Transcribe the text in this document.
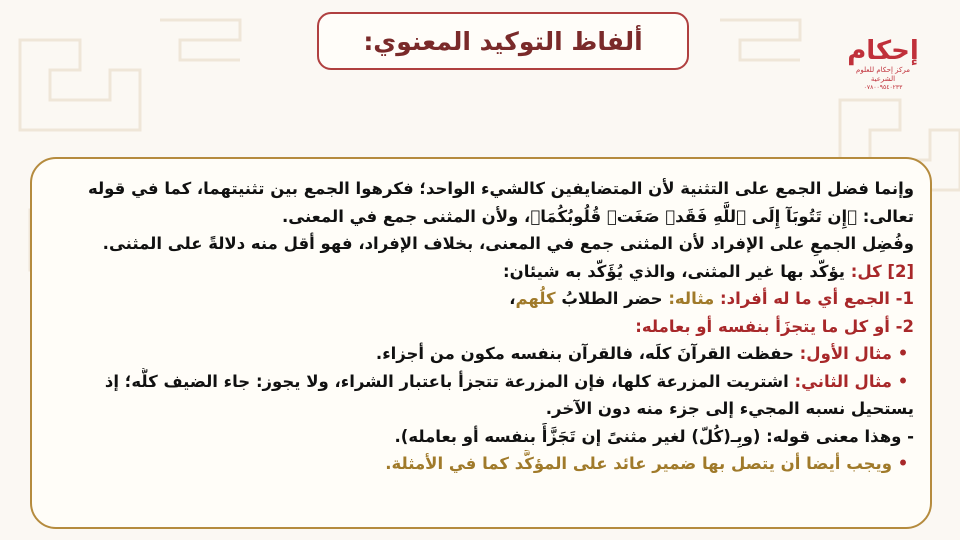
ألفاظ التوكيد المعنوي:	إحكام
مركز إحكام للعلوم الشرعية
٠٧٨٠٠٩٥٤٠٢٣٣
وإنما فضل الجمع على التثنية لأن المتضايفين كالشيء الواحد؛ فكرهوا الجمع بين تثنيتهما، كما في قوله تعالى: ﴿إِن تَتُوبَآ إِلَى ٱللَّهِ فَقَدۡ صَغَتۡ قُلُوبُكُمَا﴾، ولأن المثنى جمع في المعنى.
وفُضِل الجمعِ على الإفراد لأن المثنى جمع في المعنى، بخلاف الإفراد، فهو أقل منه دلالةً على المثنى.
[2] كل: يؤكّد بها غير المثنى، والذي يُؤَكّد به شيئان:
1- الجمع أي ما له أفراد: مثاله: حضر الطلابُ كلُهم،
2- أو كل ما يتجزَأ بنفسه أو بعامله:
•مثال الأول: حفظت القرآنَ كلَه، فالقرآن بنفسه مكون من أجزاء.
•مثال الثاني: اشتريت المزرعة كلها، فإن المزرعة تتجزأ باعتبار الشراء، ولا يجوز: جاء الضيف كلُّه؛ إذ يستحيل نسبه المجيء إلى جزء منه دون الآخر.
- وهذا معنى قوله: (وبِـ(كُلّ) لغير مثنىً إن تَجَزَّأَ بنفسه أو بعامله).
•ويجب أيضا أن يتصل بها ضمير عائد على المؤكَّد كما في الأمثلة.
